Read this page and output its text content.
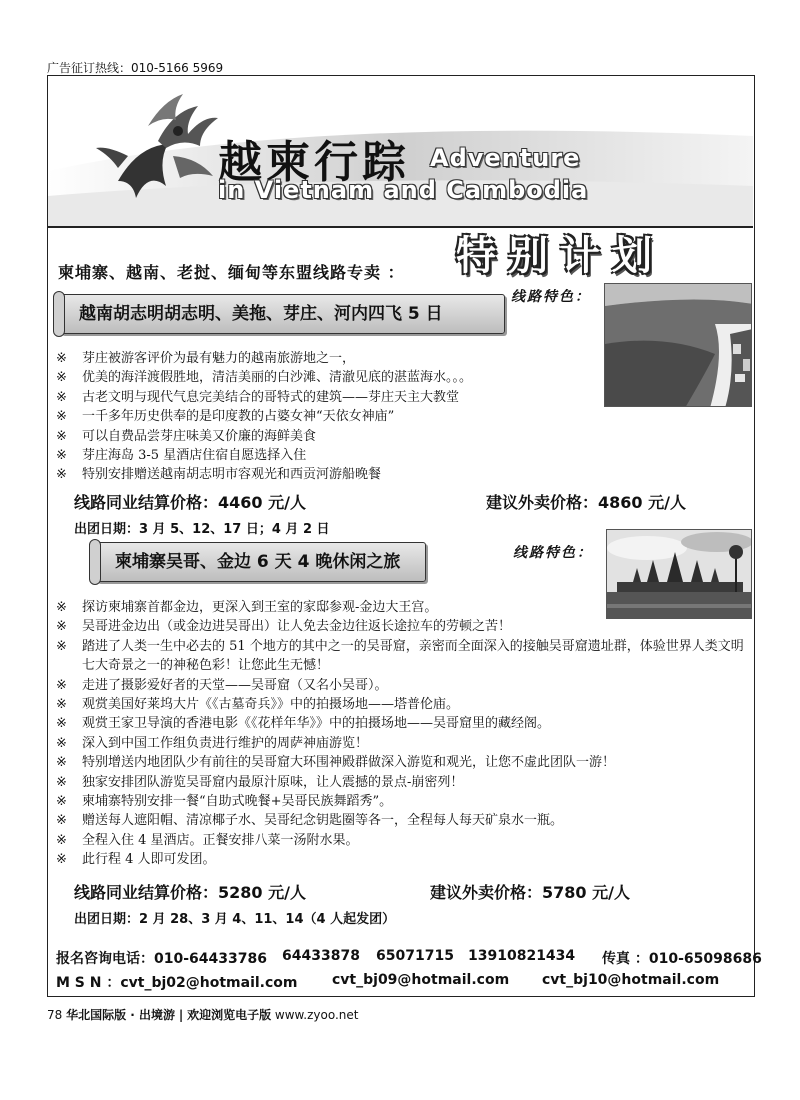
广告征订热线：010-5166 5969
越柬行踪 Adventure
in Vietnam and Cambodia
柬埔寨、越南、老挝、缅甸等东盟线路专卖 ： 特别计划
越南胡志明胡志明、美拖、芽庄、河内四飞 5 日
线路特色：
※ 芽庄被游客评价为最有魅力的越南旅游地之一，
※ 优美的海洋渡假胜地，清洁美丽的白沙滩、清澈见底的湛蓝海水。。。
※ 古老文明与现代气息完美结合的哥特式的建筑——芽庄天主大教堂
※ 一千多年历史供奉的是印度教的占婆女神“天依女神庙”
※ 可以自费品尝芽庄味美又价廉的海鲜美食
※ 芽庄海岛 3-5 星酒店住宿自愿选择入住
※ 特别安排赠送越南胡志明市容观光和西贡河游船晚餐
线路同业结算价格：4460 元/人	建议外卖价格：4860 元/人
出团日期：3 月 5、12、17 日；4 月 2 日
柬埔寨吴哥、金边 6 天 4 晚休闲之旅	线路特色：
※ 探访柬埔寨首都金边，更深入到王室的家邸参观-金边大王宫。
※ 吴哥进金边出（或金边进吴哥出）让人免去金边往返长途拉车的劳顿之苦！
※ 踏进了人类一生中必去的 51 个地方的其中之一的吴哥窟，亲密而全面深入的接触吴哥窟遗址群，体验世界人类文明七大奇景之一的神秘色彩！让您此生无憾！
※ 走进了摄影爱好者的天堂——吴哥窟（又名小吴哥）。
※ 观赏美国好莱坞大片《《古墓奇兵》》中的拍摄场地——塔普伦庙。
※ 观赏王家卫导演的香港电影《《花样年华》》中的拍摄场地——吴哥窟里的藏经阁。
※ 深入到中国工作组负责进行维护的周萨神庙游览！
※ 特别增送内地团队少有前往的吴哥窟大环围神殿群做深入游览和观光，让您不虚此团队一游！
※ 独家安排团队游览吴哥窟内最原汁原味，让人震撼的景点-崩密列！
※ 柬埔寨特别安排一餐“自助式晚餐+吴哥民族舞蹈秀”。
※ 赠送每人遮阳帽、清凉椰子水、吴哥纪念钥匙圈等各一，全程每人每天矿泉水一瓶。
※ 全程入住 4 星酒店。正餐安排八菜一汤附水果。
※ 此行程 4 人即可发团。
线路同业结算价格：5280 元/人	建议外卖价格：5780 元/人
出团日期：2 月 28、3 月 4、11、14（4 人起发团）
报名咨询电话：010-64433786 64433878 65071715 13910821434 传真 ：010-65098686
M S N ：cvt_bj02@hotmail.com cvt_bj09@hotmail.com cvt_bj10@hotmail.com
78 华北国际版 · 出境游 | 欢迎浏览电子版 www.zyoo.net
